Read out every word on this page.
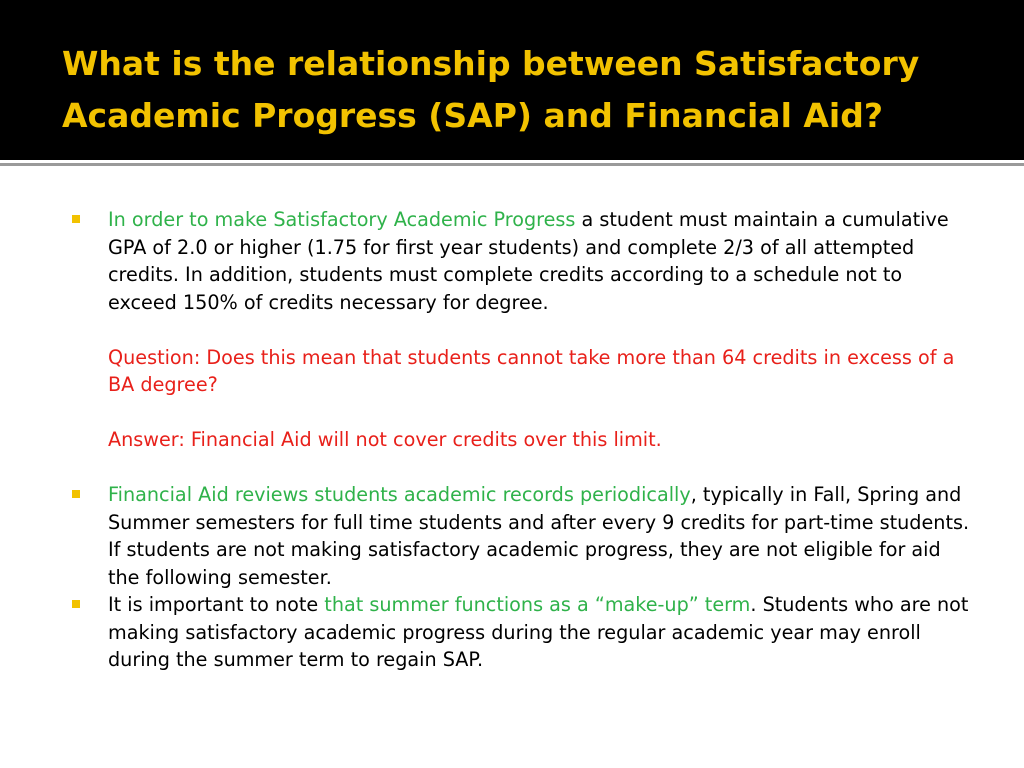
What is the relationship between Satisfactory Academic Progress (SAP) and Financial Aid?
In order to make Satisfactory Academic Progress a student must maintain a cumulative GPA of 2.0 or higher (1.75 for first year students) and complete 2/3 of all attempted credits. In addition, students must complete credits according to a schedule not to exceed 150% of credits necessary for degree.
Question: Does this mean that students cannot take more than 64 credits in excess of a BA degree?
Answer: Financial Aid will not cover credits over this limit.
Financial Aid reviews students academic records periodically, typically in Fall, Spring and Summer semesters for full time students and after every 9 credits for part-time students. If students are not making satisfactory academic progress, they are not eligible for aid the following semester.
It is important to note that summer functions as a “make-up” term. Students who are not making satisfactory academic progress during the regular academic year may enroll during the summer term to regain SAP.
